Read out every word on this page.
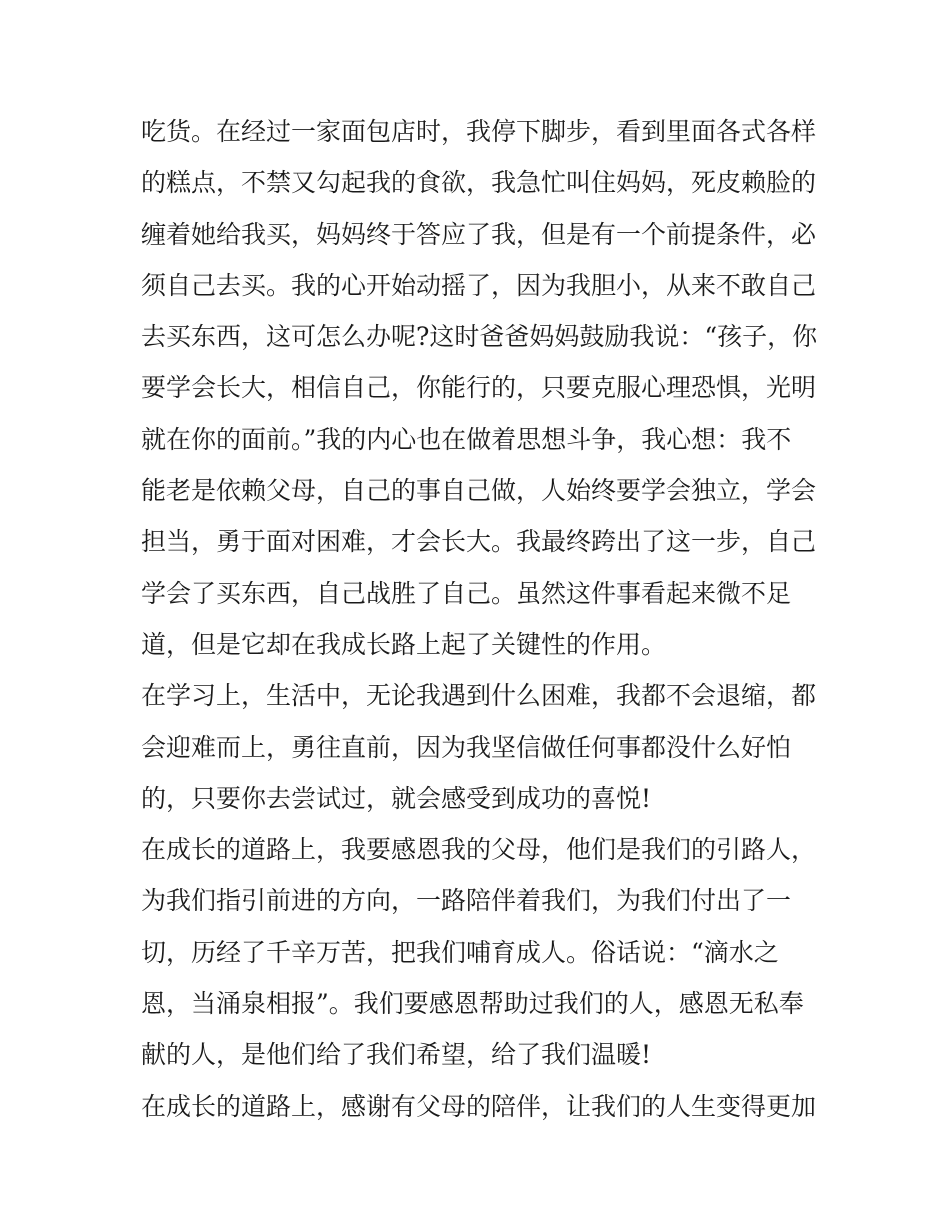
吃货。在经过一家面包店时，我停下脚步，看到里面各式各样
的糕点，不禁又勾起我的食欲，我急忙叫住妈妈，死皮赖脸的
缠着她给我买，妈妈终于答应了我，但是有一个前提条件，必
须自己去买。我的心开始动摇了，因为我胆小，从来不敢自己
去买东西，这可怎么办呢?这时爸爸妈妈鼓励我说：“孩子，你
要学会长大，相信自己，你能行的，只要克服心理恐惧，光明
就在你的面前。”我的内心也在做着思想斗争，我心想：我不
能老是依赖父母，自己的事自己做，人始终要学会独立，学会
担当，勇于面对困难，才会长大。我最终跨出了这一步，自己
学会了买东西，自己战胜了自己。虽然这件事看起来微不足
道，但是它却在我成长路上起了关键性的作用。
在学习上，生活中，无论我遇到什么困难，我都不会退缩，都
会迎难而上，勇往直前，因为我坚信做任何事都没什么好怕
的，只要你去尝试过，就会感受到成功的喜悦!
在成长的道路上，我要感恩我的父母，他们是我们的引路人，
为我们指引前进的方向，一路陪伴着我们，为我们付出了一
切，历经了千辛万苦，把我们哺育成人。俗话说：“滴水之
恩，当涌泉相报”。我们要感恩帮助过我们的人，感恩无私奉
献的人，是他们给了我们希望，给了我们温暖!
在成长的道路上，感谢有父母的陪伴，让我们的人生变得更加
